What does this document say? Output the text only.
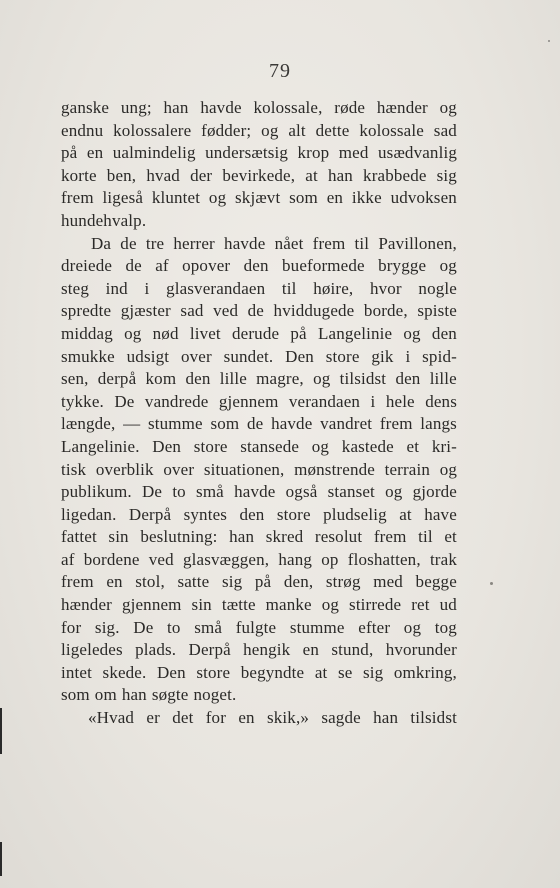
79
ganske ung; han havde kolossale, røde hænder og
endnu kolossalere fødder; og alt dette kolossale sad
på en ualmindelig undersætsig krop med usædvanlig
korte ben, hvad der bevirkede, at han krabbede sig
frem ligeså kluntet og skjævt som en ikke udvoksen
hundehvalp.
Da de tre herrer havde nået frem til Pavillonen,
dreiede de af opover den bueformede brygge og
steg ind i glasverandaen til høire, hvor nogle
spredte gjæster sad ved de hviddugede borde, spiste
middag og nød livet derude på Langelinie og den
smukke udsigt over sundet. Den store gik i spid-
sen, derpå kom den lille magre, og tilsidst den lille
tykke. De vandrede gjennem verandaen i hele dens
længde, — stumme som de havde vandret frem langs
Langelinie. Den store stansede og kastede et kri-
tisk overblik over situationen, mønstrende terrain og
publikum. De to små havde også stanset og gjorde
ligedan. Derpå syntes den store pludselig at have
fattet sin beslutning: han skred resolut frem til et
af bordene ved glasvæggen, hang op floshatten, trak
frem en stol, satte sig på den, strøg med begge
hænder gjennem sin tætte manke og stirrede ret ud
for sig. De to små fulgte stumme efter og tog
ligeledes plads. Derpå hengik en stund, hvorunder
intet skede. Den store begyndte at se sig omkring,
som om han søgte noget.
«Hvad er det for en skik,» sagde han tilsidst
